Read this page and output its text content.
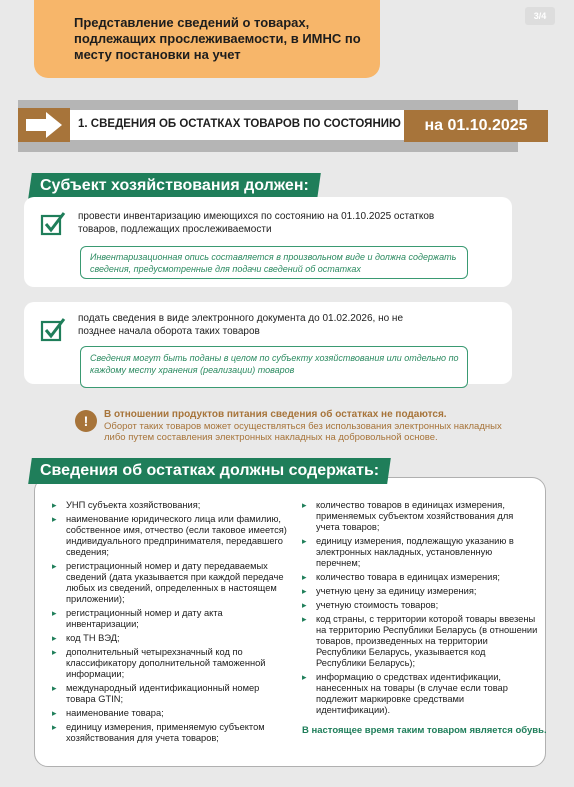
Представление сведений о товарах, подлежащих прослеживаемости, в ИМНС по месту постановки на учет
3/4
1. СВЕДЕНИЯ ОБ ОСТАТКАХ ТОВАРОВ ПО СОСТОЯНИЮ	на 01.10.2025
Субъект хозяйствования должен:
провести инвентаризацию имеющихся по состоянию на 01.10.2025 остатков товаров, подлежащих прослеживаемости
Инвентаризационная опись составляется в произвольном виде и должна содержать сведения, предусмотренные для подачи сведений об остатках
подать сведения в виде электронного документа до 01.02.2026, но не позднее начала оборота таких товаров
Сведения могут быть поданы в целом по субъекту хозяйствования или отдельно по каждому месту хранения (реализации) товаров
!	В отношении продуктов питания сведения об остатках не подаются.
Оборот таких товаров может осуществляться без использования электронных накладных либо путем составления электронных накладных на добровольной основе.
Сведения об остатках должны содержать:
▸ УНП субъекта хозяйствования;
▸ наименование юридического лица или фамилию, собственное имя, отчество (если таковое имеется) индивидуального предпринимателя, передавшего сведения;
▸ регистрационный номер и дату передаваемых сведений (дата указывается при каждой передаче любых из сведений, определенных в настоящем приложении);
▸ регистрационный номер и дату акта инвентаризации;
▸ код ТН ВЭД;
▸ дополнительный четырехзначный код по классификатору дополнительной таможенной информации;
▸ международный идентификационный номер товара GTIN;
▸ наименование товара;
▸ единицу измерения, применяемую субъектом хозяйствования для учета товаров;
▸ количество товаров в единицах измерения, применяемых субъектом хозяйствования для учета товаров;
▸ единицу измерения, подлежащую указанию в электронных накладных, установленную перечнем;
▸ количество товара в единицах измерения;
▸ учетную цену за единицу измерения;
▸ учетную стоимость товаров;
▸ код страны, с территории которой товары ввезены на территорию Республики Беларусь (в отношении товаров, произведенных на территории Республики Беларусь, указывается код Республики Беларусь);
▸ информацию о средствах идентификации, нанесенных на товары (в случае если товар подлежит маркировке средствами идентификации).
В настоящее время таким товаром является обувь.
